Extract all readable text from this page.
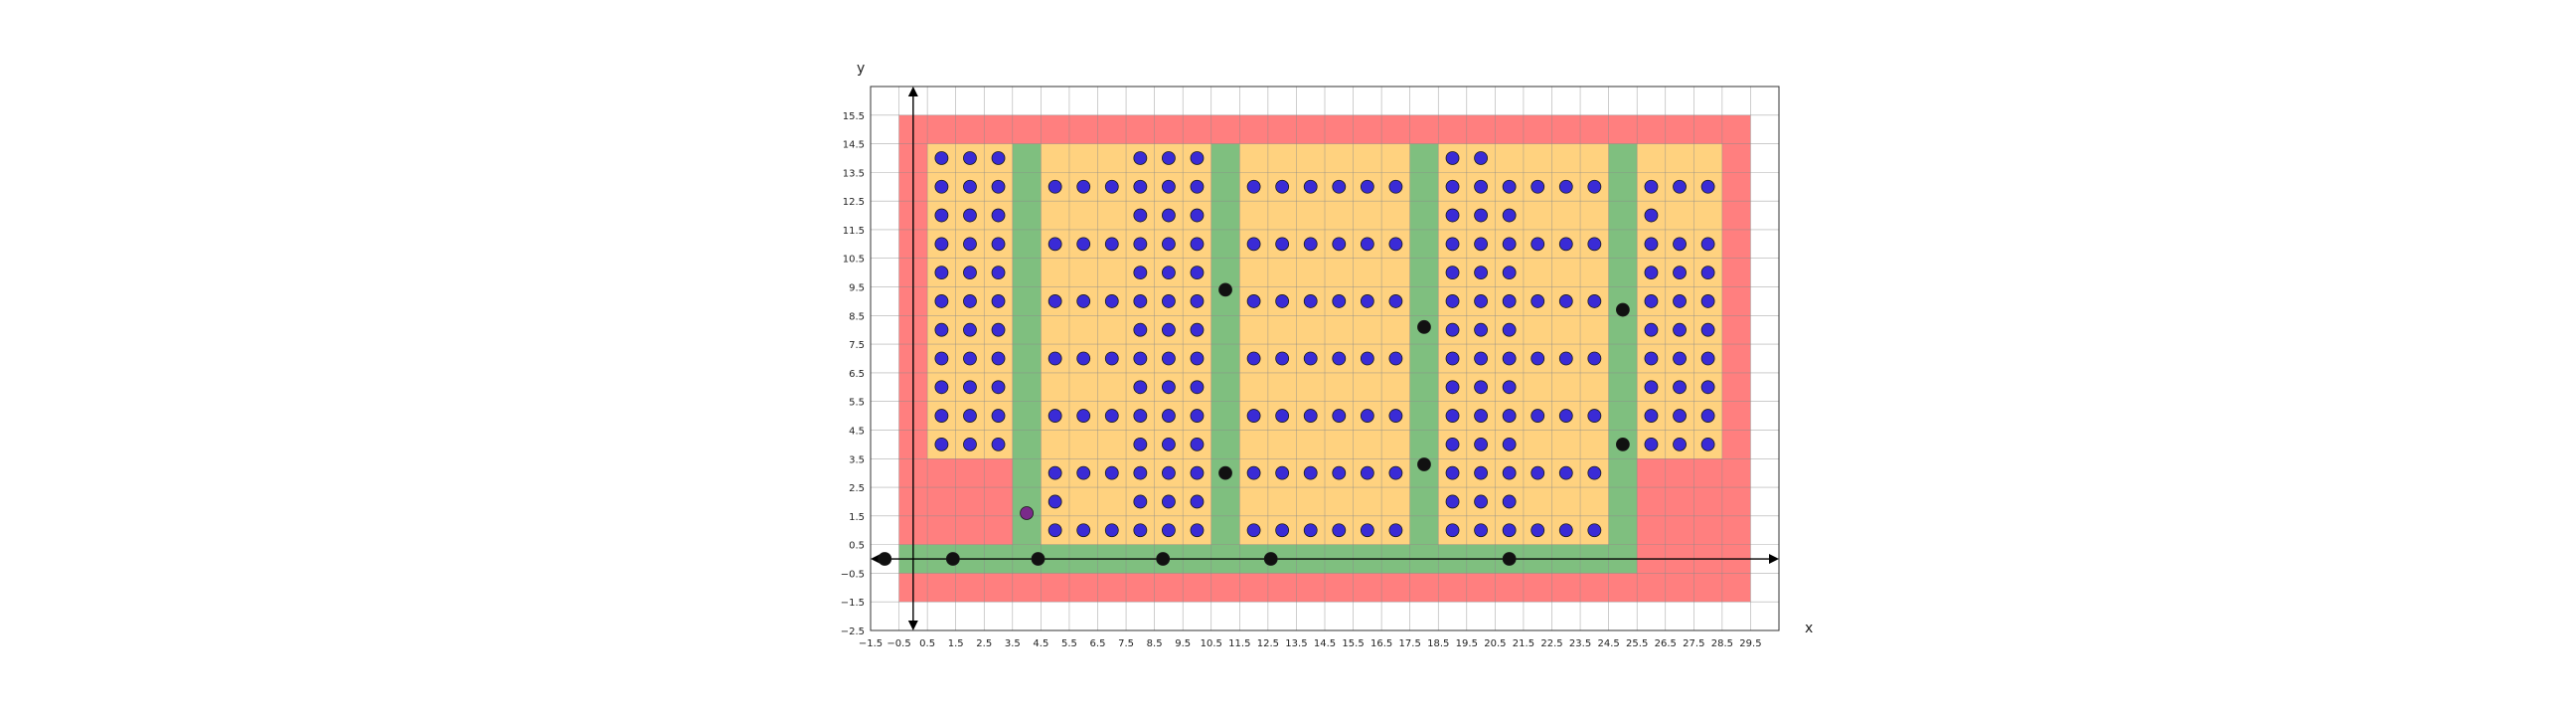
−1.5 −0.5 0.5 1.5 2.5 3.5 4.5 5.5 6.5 7.5 8.5 9.5 10.5 11.5 12.5 13.5 14.5 15.5 16.5 17.5 18.5 19.5 20.5 21.5 22.5 23.5 24.5 25.5 26.5 27.5 28.5 29.5
−2.5
−1.5
−0.5
0.5
1.5
2.5
3.5
4.5
5.5
6.5
7.5
8.5
9.5
10.5
11.5
12.5
13.5
14.5
15.5
x
y
